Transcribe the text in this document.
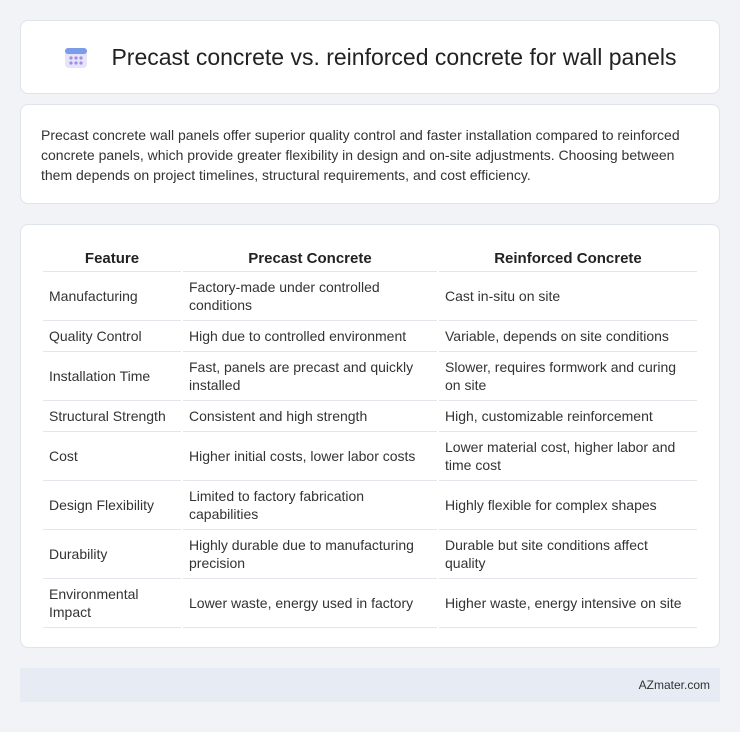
Precast concrete vs. reinforced concrete for wall panels
Precast concrete wall panels offer superior quality control and faster installation compared to reinforced concrete panels, which provide greater flexibility in design and on-site adjustments. Choosing between them depends on project timelines, structural requirements, and cost efficiency.
Feature	Precast Concrete	Reinforced Concrete
Manufacturing	Factory-made under controlled conditions	Cast in-situ on site
Quality Control	High due to controlled environment	Variable, depends on site conditions
Installation Time	Fast, panels are precast and quickly installed	Slower, requires formwork and curing on site
Structural Strength	Consistent and high strength	High, customizable reinforcement
Cost	Higher initial costs, lower labor costs	Lower material cost, higher labor and time cost
Design Flexibility	Limited to factory fabrication capabilities	Highly flexible for complex shapes
Durability	Highly durable due to manufacturing precision	Durable but site conditions affect quality
Environmental Impact	Lower waste, energy used in factory	Higher waste, energy intensive on site
AZmater.com
